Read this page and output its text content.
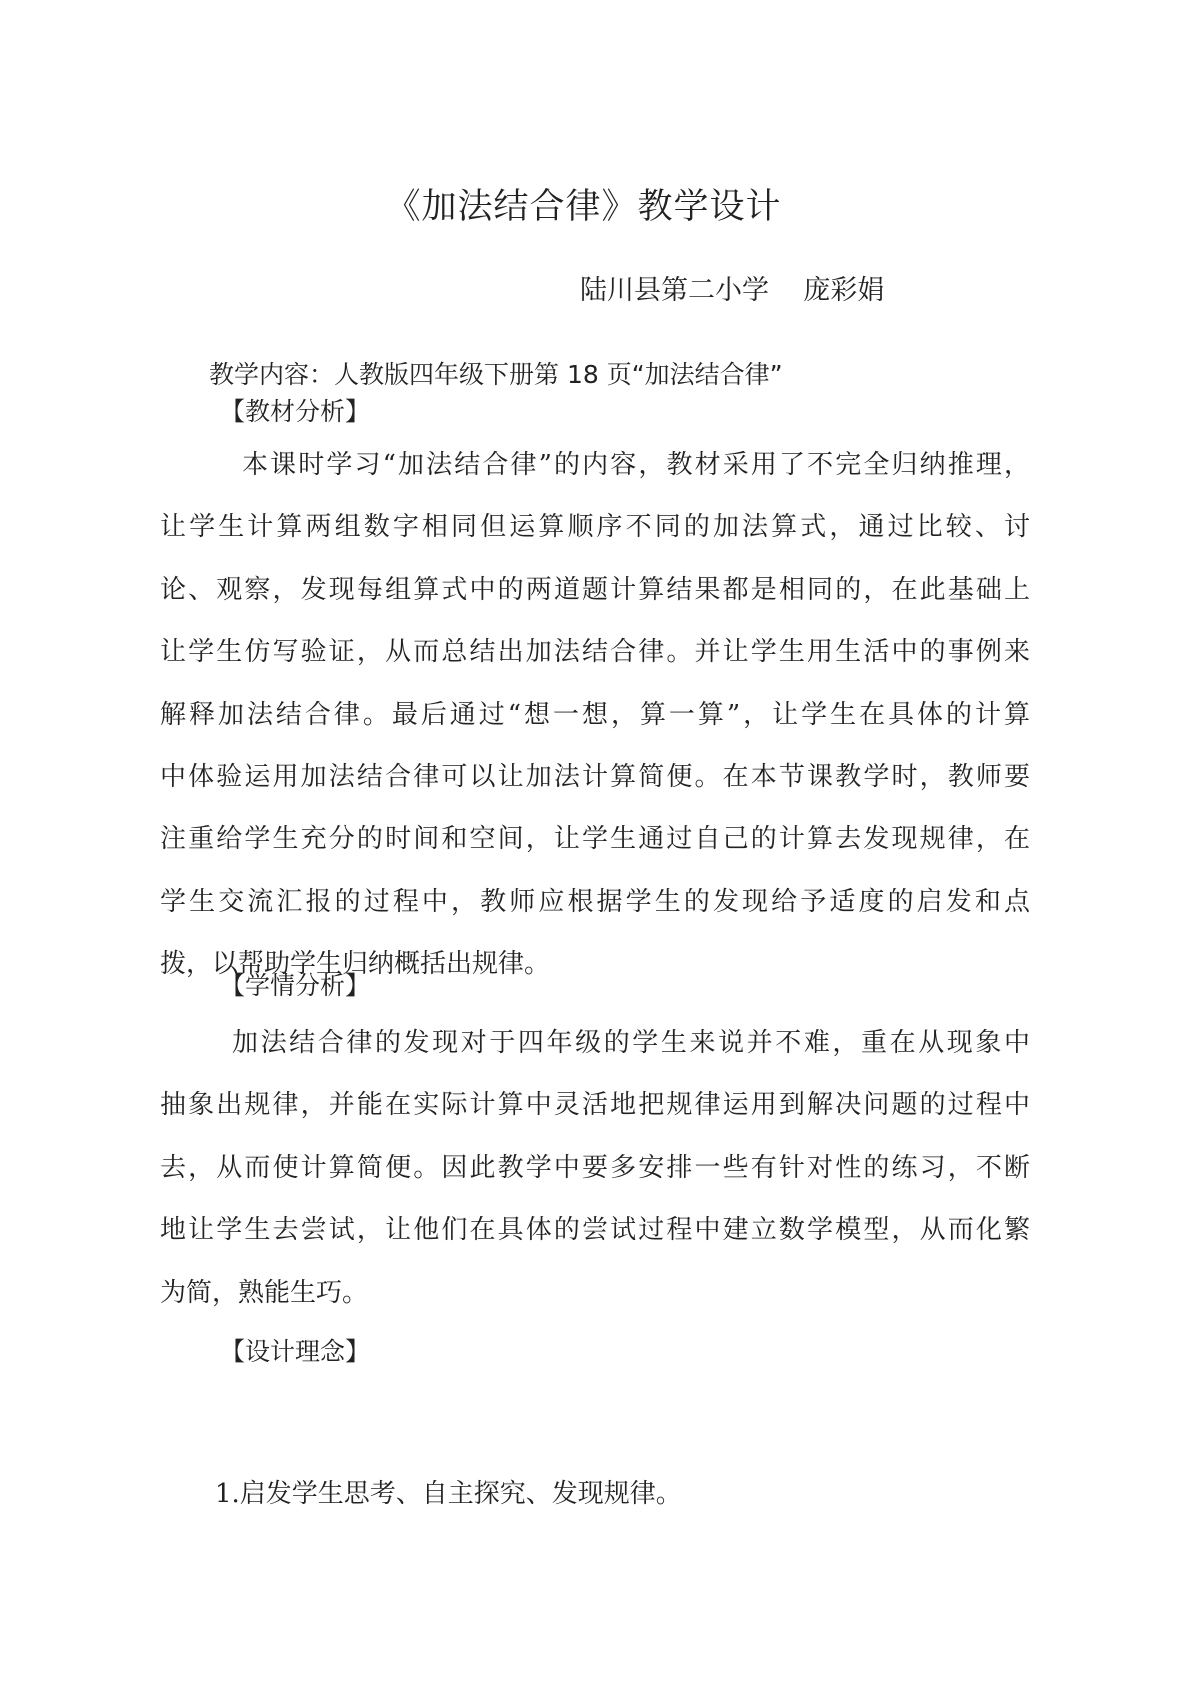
《加法结合律》教学设计

陆川县第二小学    庞彩娟

教学内容：人教版四年级下册第 18 页“加法结合律”

【教材分析】
本课时学习“加法结合律”的内容，教材采用了不完全归纳推理，
让学生计算两组数字相同但运算顺序不同的加法算式，通过比较、讨
论、观察，发现每组算式中的两道题计算结果都是相同的，在此基础上
让学生仿写验证，从而总结出加法结合律。并让学生用生活中的事例来
解释加法结合律。最后通过“想一想，算一算”，让学生在具体的计算
中体验运用加法结合律可以让加法计算简便。在本节课教学时，教师要
注重给学生充分的时间和空间，让学生通过自己的计算去发现规律，在
学生交流汇报的过程中，教师应根据学生的发现给予适度的启发和点
拨，以帮助学生归纳概括出规律。
【学情分析】
加法结合律的发现对于四年级的学生来说并不难，重在从现象中
抽象出规律，并能在实际计算中灵活地把规律运用到解决问题的过程中
去，从而使计算简便。因此教学中要多安排一些有针对性的练习，不断
地让学生去尝试，让他们在具体的尝试过程中建立数学模型，从而化繁
为简，熟能生巧。
【设计理念】

1.启发学生思考、自主探究、发现规律。
